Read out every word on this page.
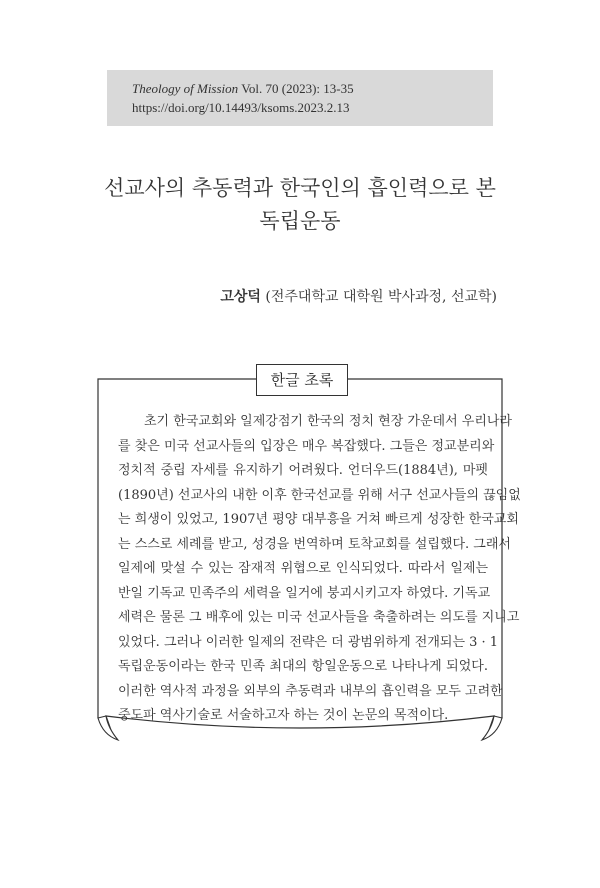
Theology of Mission Vol. 70 (2023): 13-35
https://doi.org/10.14493/ksoms.2023.2.13
선교사의 추동력과 한국인의 흡인력으로 본
독립운동
고상덕 (전주대학교 대학원 박사과정, 선교학)
한글 초록
초기 한국교회와 일제강점기 한국의 정치 현장 가운데서 우리나라
를 찾은 미국 선교사들의 입장은 매우 복잡했다. 그들은 정교분리와
정치적 중립 자세를 유지하기 어려웠다. 언더우드(1884년), 마펫
(1890년) 선교사의 내한 이후 한국선교를 위해 서구 선교사들의 끊임없
는 희생이 있었고, 1907년 평양 대부흥을 거쳐 빠르게 성장한 한국교회
는 스스로 세례를 받고, 성경을 번역하며 토착교회를 설립했다. 그래서
일제에 맞설 수 있는 잠재적 위협으로 인식되었다. 따라서 일제는
반일 기독교 민족주의 세력을 일거에 붕괴시키고자 하였다. 기독교
세력은 물론 그 배후에 있는 미국 선교사들을 축출하려는 의도를 지니고
있었다. 그러나 이러한 일제의 전략은 더 광범위하게 전개되는 3 · 1
독립운동이라는 한국 민족 최대의 항일운동으로 나타나게 되었다.
이러한 역사적 과정을 외부의 추동력과 내부의 흡인력을 모두 고려한
중도파 역사기술로 서술하고자 하는 것이 논문의 목적이다.
